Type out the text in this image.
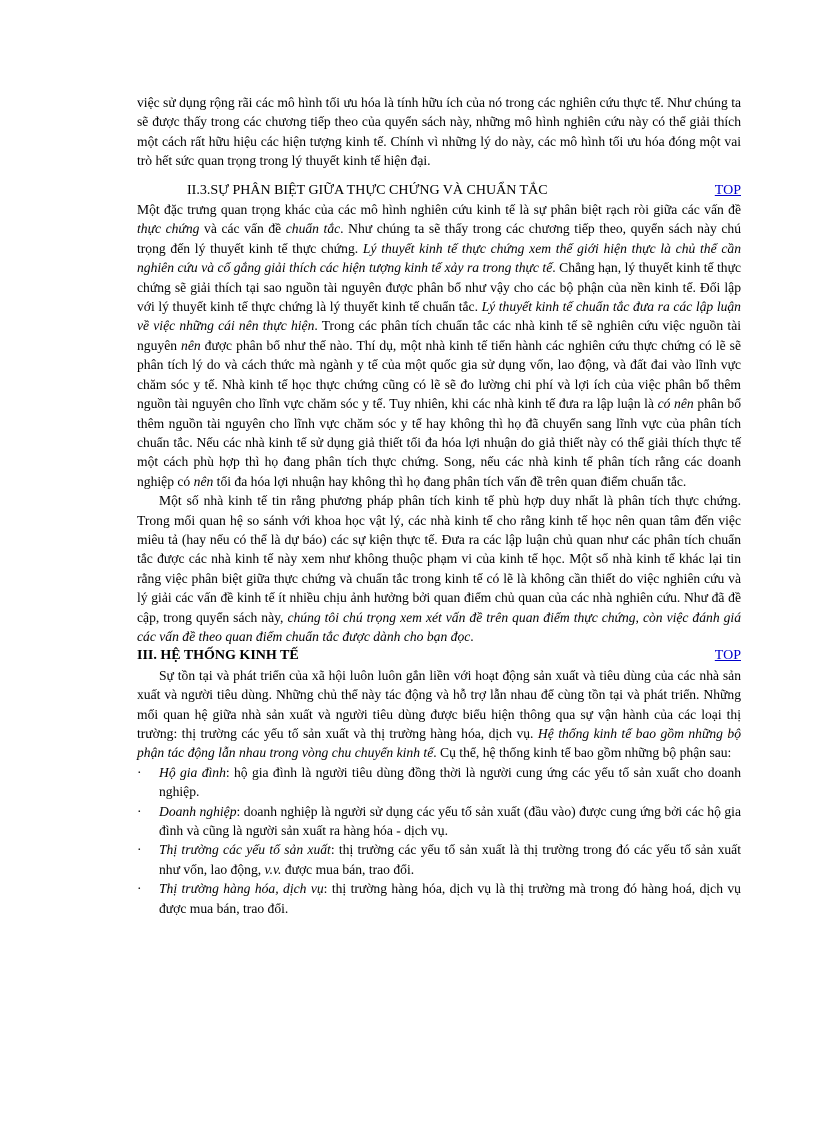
việc sử dụng rộng rãi các mô hình tối ưu hóa là tính hữu ích của nó trong các nghiên cứu thực tế. Như chúng ta sẽ được thấy trong các chương tiếp theo của quyển sách này, những mô hình nghiên cứu này có thể giải thích một cách rất hữu hiệu các hiện tượng kinh tế. Chính vì những lý do này, các mô hình tối ưu hóa đóng một vai trò hết sức quan trọng trong lý thuyết kinh tế hiện đại.

II.3.SỰ PHÂN BIỆT GIỮA THỰC CHỨNG VÀ CHUẨN TẮC	TOP

Một đặc trưng quan trọng khác của các mô hình nghiên cứu kinh tế là sự phân biệt rạch ròi giữa các vấn đề thực chứng và các vấn đề chuẩn tắc. Như chúng ta sẽ thấy trong các chương tiếp theo, quyển sách này chú trọng đến lý thuyết kinh tế thực chứng. Lý thuyết kinh tế thực chứng xem thế giới hiện thực là chủ thể cần nghiên cứu và cố gắng giải thích các hiện tượng kinh tế xảy ra trong thực tế. Chẳng hạn, lý thuyết kinh tế thực chứng sẽ giải thích tại sao nguồn tài nguyên được phân bổ như vậy cho các bộ phận của nền kinh tế. Đối lập với lý thuyết kinh tế thực chứng là lý thuyết kinh tế chuẩn tắc. Lý thuyết kinh tế chuẩn tắc đưa ra các lập luận về việc những cái nên thực hiện. Trong các phân tích chuẩn tắc các nhà kinh tế sẽ nghiên cứu việc nguồn tài nguyên nên được phân bổ như thế nào. Thí dụ, một nhà kinh tế tiến hành các nghiên cứu thực chứng có lẽ sẽ phân tích lý do và cách thức mà ngành y tế của một quốc gia sử dụng vốn, lao động, và đất đai vào lĩnh vực chăm sóc y tế. Nhà kinh tế học thực chứng cũng có lẽ sẽ đo lường chi phí và lợi ích của việc phân bổ thêm nguồn tài nguyên cho lĩnh vực chăm sóc y tế. Tuy nhiên, khi các nhà kinh tế đưa ra lập luận là có nên phân bổ thêm nguồn tài nguyên cho lĩnh vực chăm sóc y tế hay không thì họ đã chuyển sang lĩnh vực của phân tích chuẩn tắc. Nếu các nhà kinh tế sử dụng giả thiết tối đa hóa lợi nhuận do giả thiết này có thể giải thích thực tế một cách phù hợp thì họ đang phân tích thực chứng. Song, nếu các nhà kinh tế phân tích rằng các doanh nghiệp có nên tối đa hóa lợi nhuận hay không thì họ đang phân tích vấn đề trên quan điểm chuẩn tắc.

Một số nhà kinh tế tin rằng phương pháp phân tích kinh tế phù hợp duy nhất là phân tích thực chứng. Trong mối quan hệ so sánh với khoa học vật lý, các nhà kinh tế cho rằng kinh tế học nên quan tâm đến việc miêu tả (hay nếu có thể là dự báo) các sự kiện thực tế. Đưa ra các lập luận chủ quan như các phân tích chuẩn tắc được các nhà kinh tế này xem như không thuộc phạm vi của kinh tế học. Một số nhà kinh tế khác lại tin rằng việc phân biệt giữa thực chứng và chuẩn tắc trong kinh tế có lẽ là không cần thiết do việc nghiên cứu và lý giải các vấn đề kinh tế ít nhiều chịu ảnh hưởng bởi quan điểm chủ quan của các nhà nghiên cứu. Như đã đề cập, trong quyển sách này, chúng tôi chú trọng xem xét vấn đề trên quan điểm thực chứng, còn việc đánh giá các vấn đề theo quan điểm chuẩn tắc được dành cho bạn đọc.

III. HỆ THỐNG KINH TẾ	TOP

Sự tồn tại và phát triển của xã hội luôn luôn gắn liền với hoạt động sản xuất và tiêu dùng của các nhà sản xuất và người tiêu dùng. Những chủ thể này tác động và hỗ trợ lẫn nhau để cùng tồn tại và phát triển. Những mối quan hệ giữa nhà sản xuất và người tiêu dùng được biểu hiện thông qua sự vận hành của các loại thị trường: thị trường các yếu tố sản xuất và thị trường hàng hóa, dịch vụ. Hệ thống kinh tế bao gồm những bộ phận tác động lẫn nhau trong vòng chu chuyển kinh tế. Cụ thể, hệ thống kinh tế bao gồm những bộ phận sau:

· Hộ gia đình: hộ gia đình là người tiêu dùng đồng thời là người cung ứng các yếu tố sản xuất cho doanh nghiệp.
· Doanh nghiệp: doanh nghiệp là người sử dụng các yếu tố sản xuất (đầu vào) được cung ứng bởi các hộ gia đình và cũng là người sản xuất ra hàng hóa - dịch vụ.
· Thị trường các yếu tố sản xuất: thị trường các yếu tố sản xuất là thị trường trong đó các yếu tố sản xuất như vốn, lao động, v.v. được mua bán, trao đổi.
· Thị trường hàng hóa, dịch vụ: thị trường hàng hóa, dịch vụ là thị trường mà trong đó hàng hoá, dịch vụ được mua bán, trao đổi.
